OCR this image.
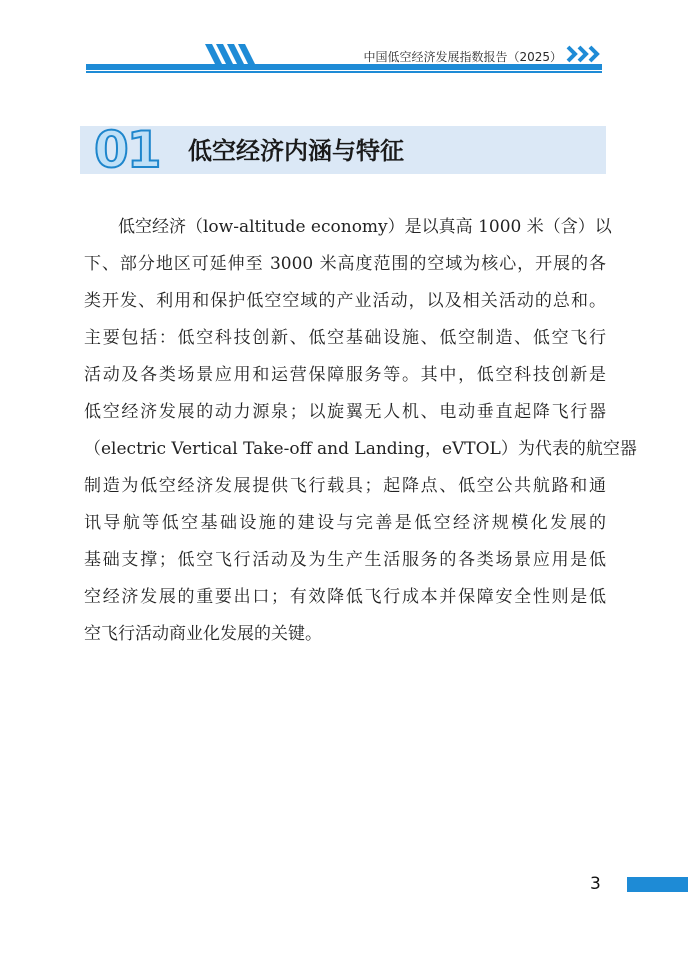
中国低空经济发展指数报告（2025）
01 低空经济内涵与特征
低空经济（low-altitude economy）是以真高 1000 米（含）以
下、部分地区可延伸至 3000 米高度范围的空域为核心，开展的各
类开发、利用和保护低空空域的产业活动，以及相关活动的总和。
主要包括：低空科技创新、低空基础设施、低空制造、低空飞行
活动及各类场景应用和运营保障服务等。其中，低空科技创新是
低空经济发展的动力源泉；以旋翼无人机、电动垂直起降飞行器
（electric Vertical Take-off and Landing，eVTOL）为代表的航空器
制造为低空经济发展提供飞行载具；起降点、低空公共航路和通
讯导航等低空基础设施的建设与完善是低空经济规模化发展的
基础支撑；低空飞行活动及为生产生活服务的各类场景应用是低
空经济发展的重要出口；有效降低飞行成本并保障安全性则是低
空飞行活动商业化发展的关键。
3
